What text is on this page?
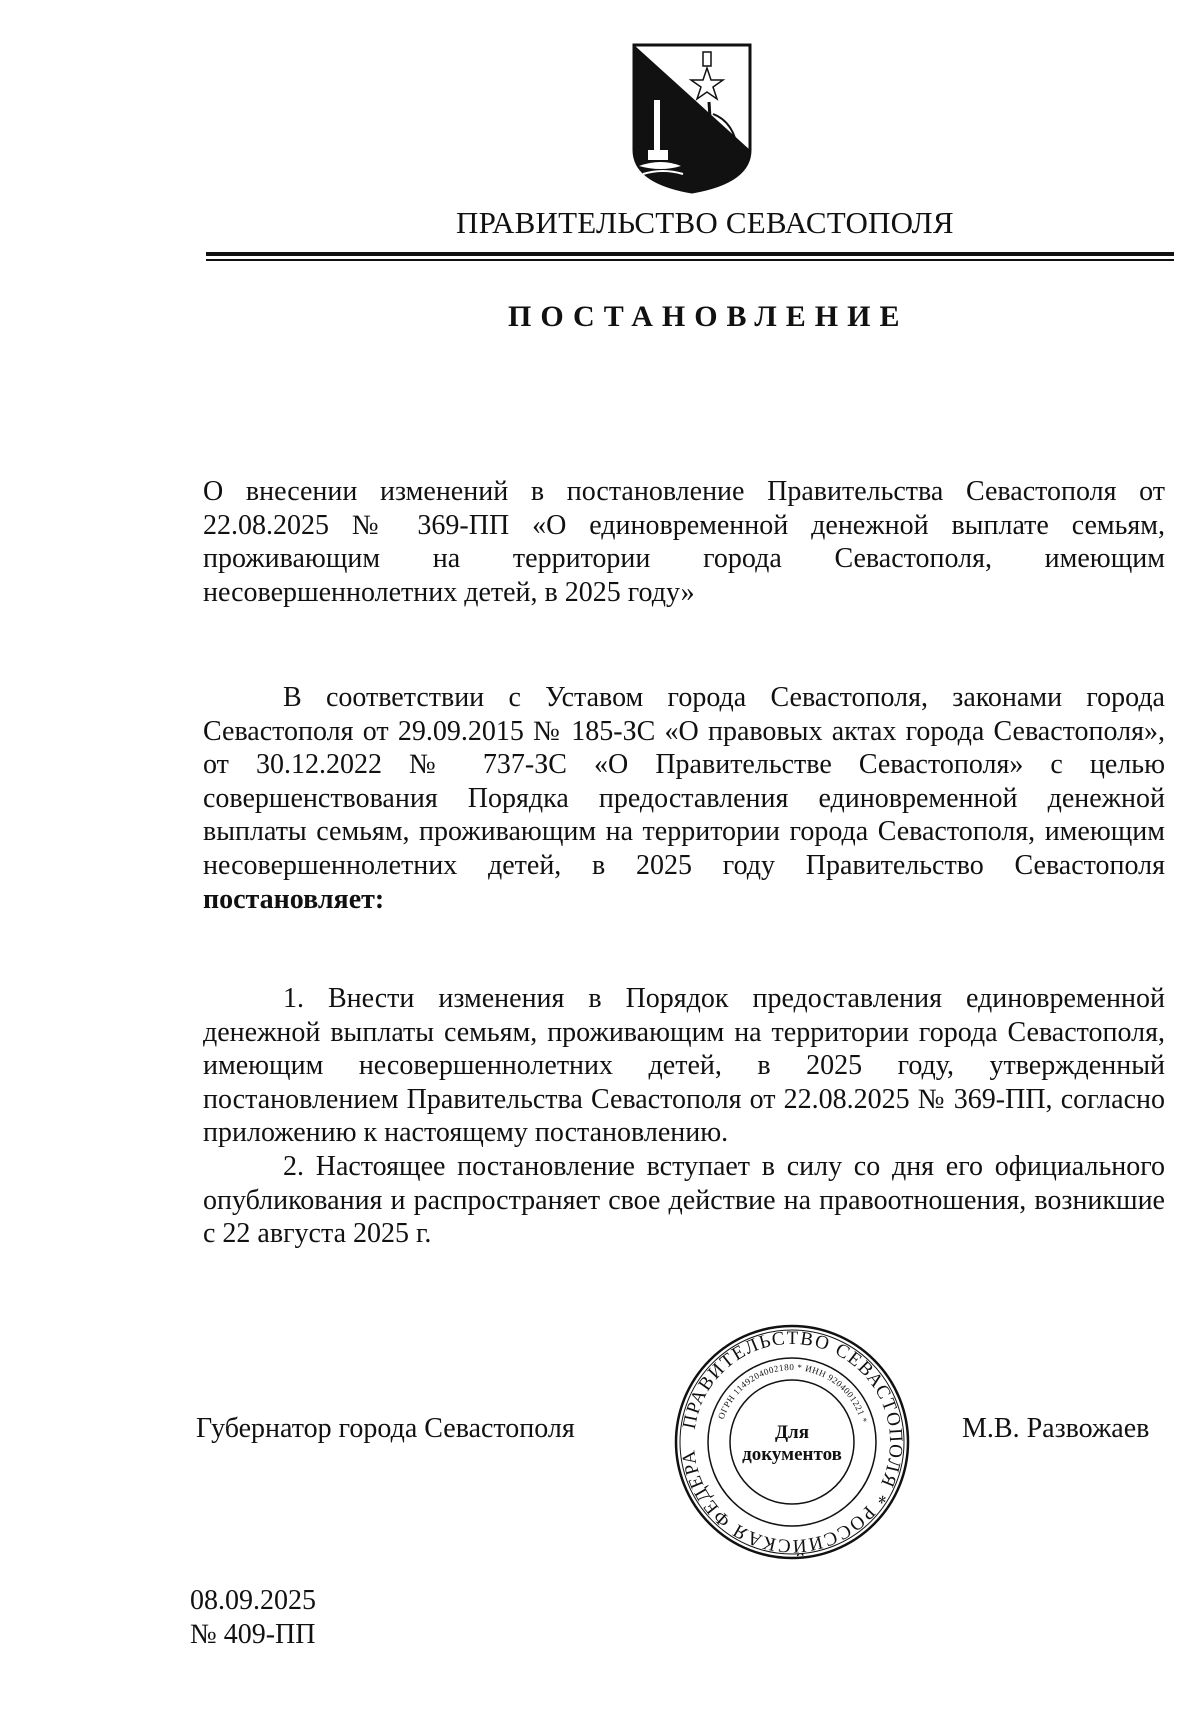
ПРАВИТЕЛЬСТВО СЕВАСТОПОЛЯ
ПОСТАНОВЛЕНИЕ
О внесении изменений в постановление Правительства Севастополя от 22.08.2025 № 369-ПП «О единовременной денежной выплате семьям, проживающим на территории города Севастополя, имеющим несовершеннолетних детей, в 2025 году»
В соответствии с Уставом города Севастополя, законами города Севастополя от 29.09.2015 № 185-ЗС «О правовых актах города Севастополя», от 30.12.2022 № 737-ЗС «О Правительстве Севастополя» с целью совершенствования Порядка предоставления единовременной денежной выплаты семьям, проживающим на территории города Севастополя, имеющим несовершеннолетних детей, в 2025 году Правительство Севастополя постановляет:
1. Внести изменения в Порядок предоставления единовременной денежной выплаты семьям, проживающим на территории города Севастополя, имеющим несовершеннолетних детей, в 2025 году, утвержденный постановлением Правительства Севастополя от 22.08.2025 № 369-ПП, согласно приложению к настоящему постановлению.
2. Настоящее постановление вступает в силу со дня его официального опубликования и распространяет свое действие на правоотношения, возникшие с 22 августа 2025 г.
Губернатор города Севастополя	ПРАВИТЕЛЬСТВО СЕВАСТОПОЛЯ * РОССИЙСКАЯ ФЕДЕРА
ОГРН 1149204002180 * ИНН 9204001221 *
Для
документов
М.В. Развожаев
08.09.2025
№ 409-ПП
